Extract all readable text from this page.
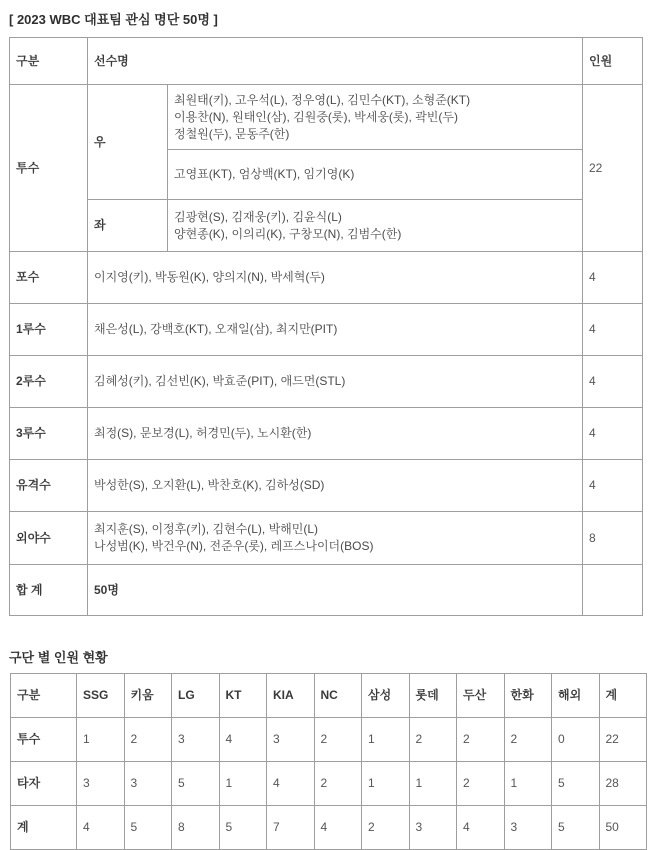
[ 2023 WBC 대표팀 관심 명단 50명 ]
구분	선수명		인원
투수	우	최원태(키), 고우석(L), 정우영(L), 김민수(KT), 소형준(KT)
이용찬(N), 원태인(삼), 김원중(롯), 박세웅(롯), 곽빈(두)
정철원(두), 문동주(한)	22
		고영표(KT), 엄상백(KT), 임기영(K)	
	좌	김광현(S), 김재웅(키), 김윤식(L)
양현종(K), 이의리(K), 구창모(N), 김범수(한)	

포수	이지영(키), 박동원(K), 양의지(N), 박세혁(두)		4
1루수	채은성(L), 강백호(KT), 오재일(삼), 최지만(PIT)		4
2루수	김혜성(키), 김선빈(K), 박효준(PIT), 애드먼(STL)		4
3루수	최정(S), 문보경(L), 허경민(두), 노시환(한)		4
유격수	박성한(S), 오지환(L), 박찬호(K), 김하성(SD)		4
외야수	최지훈(S), 이정후(키), 김현수(L), 박해민(L)
나성범(K), 박건우(N), 전준우(롯), 레프스나이더(BOS)		8
합 계	50명		
구단 별 인원 현황
구분	SSG	키움	LG	KT	KIA	NC	삼성	롯데	두산	한화	해외	계
투수	1	2	3	4	3	2	1	2	2	2	0	22
타자	3	3	5	1	4	2	1	1	2	1	5	28
계	4	5	8	5	7	4	2	3	4	3	5	50
